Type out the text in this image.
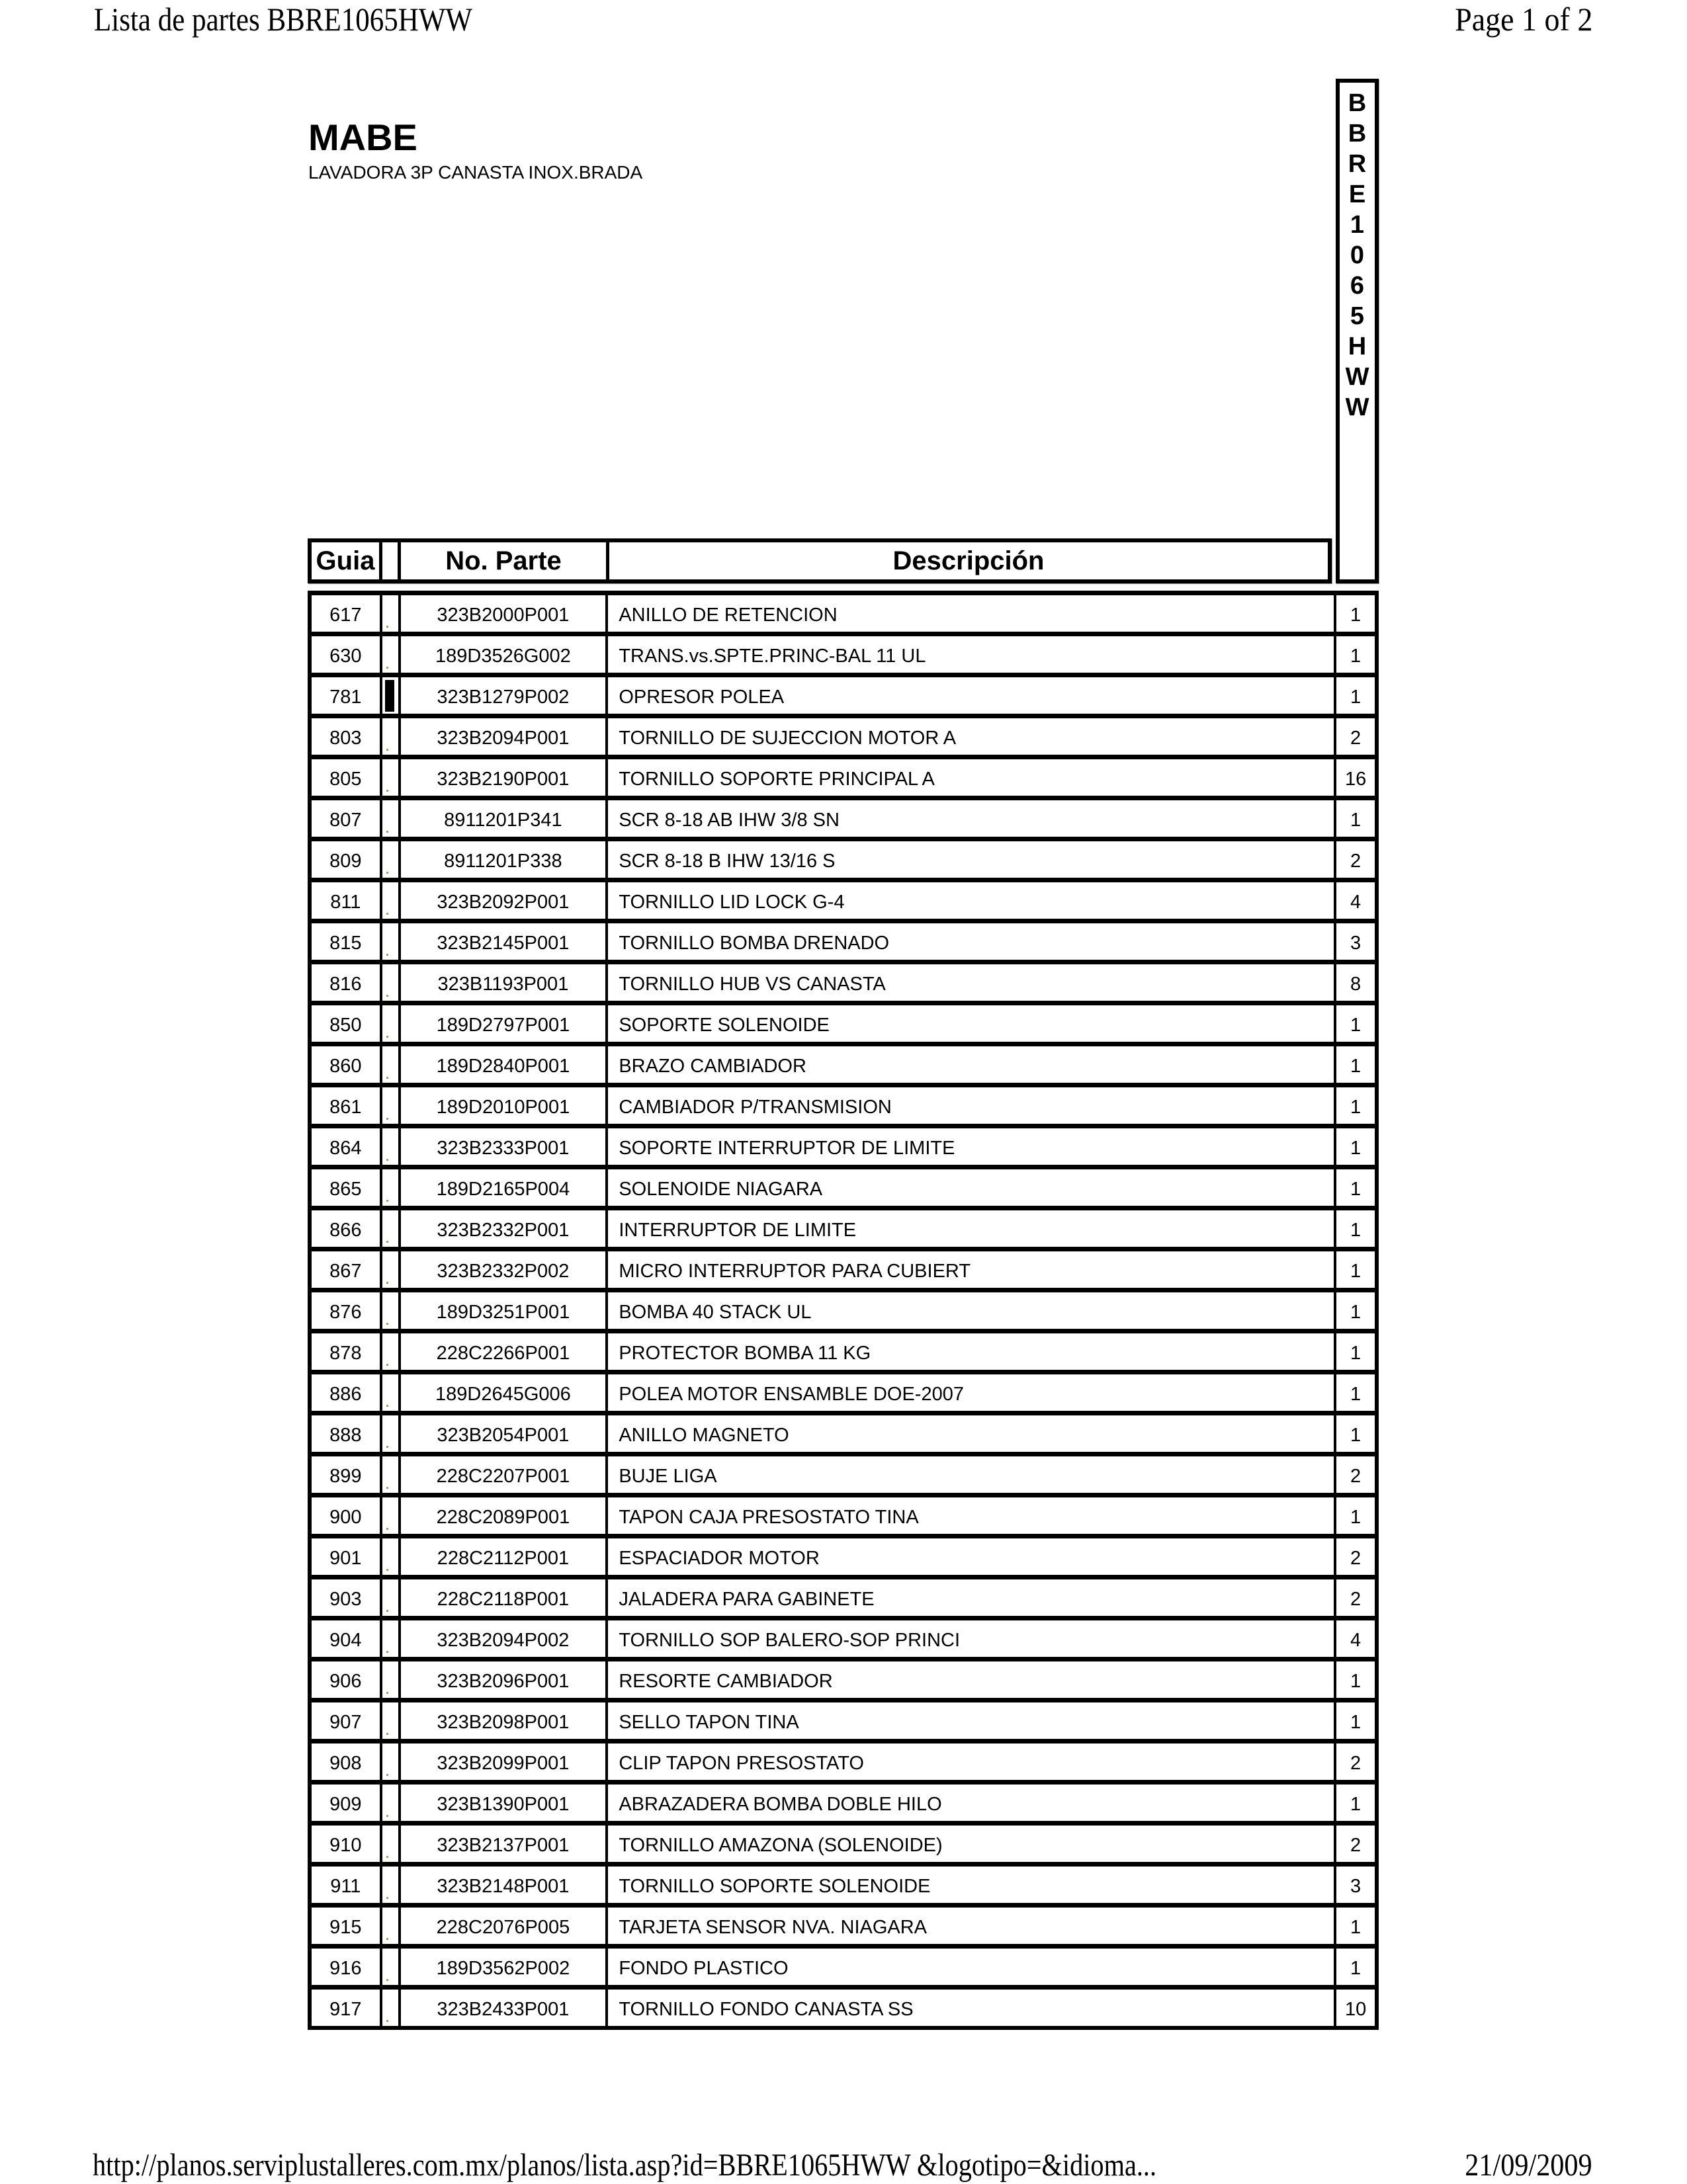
Lista de partes BBRE1065HWW	Page 1 of 2
MABE
LAVADORA 3P CANASTA INOX.BRADA
B
B
R
E
1
0
6
5
H
W
W
Guia	No. Parte	Descripción
617	323B2000P001	ANILLO DE RETENCION	1
630	189D3526G002	TRANS.vs.SPTE.PRINC-BAL 11 UL	1
781	323B1279P002	OPRESOR POLEA	1
803	323B2094P001	TORNILLO DE SUJECCION MOTOR A	2
805	323B2190P001	TORNILLO SOPORTE PRINCIPAL A	16
807	8911201P341	SCR 8-18 AB IHW 3/8 SN	1
809	8911201P338	SCR 8-18 B IHW 13/16 S	2
811	323B2092P001	TORNILLO LID LOCK G-4	4
815	323B2145P001	TORNILLO BOMBA DRENADO	3
816	323B1193P001	TORNILLO HUB VS CANASTA	8
850	189D2797P001	SOPORTE SOLENOIDE	1
860	189D2840P001	BRAZO CAMBIADOR	1
861	189D2010P001	CAMBIADOR P/TRANSMISION	1
864	323B2333P001	SOPORTE INTERRUPTOR DE LIMITE	1
865	189D2165P004	SOLENOIDE NIAGARA	1
866	323B2332P001	INTERRUPTOR DE LIMITE	1
867	323B2332P002	MICRO INTERRUPTOR PARA CUBIERT	1
876	189D3251P001	BOMBA 40 STACK UL	1
878	228C2266P001	PROTECTOR BOMBA 11 KG	1
886	189D2645G006	POLEA MOTOR ENSAMBLE DOE-2007	1
888	323B2054P001	ANILLO MAGNETO	1
899	228C2207P001	BUJE LIGA	2
900	228C2089P001	TAPON CAJA PRESOSTATO TINA	1
901	228C2112P001	ESPACIADOR MOTOR	2
903	228C2118P001	JALADERA PARA GABINETE	2
904	323B2094P002	TORNILLO SOP BALERO-SOP PRINCI	4
906	323B2096P001	RESORTE CAMBIADOR	1
907	323B2098P001	SELLO TAPON TINA	1
908	323B2099P001	CLIP TAPON PRESOSTATO	2
909	323B1390P001	ABRAZADERA BOMBA DOBLE HILO	1
910	323B2137P001	TORNILLO AMAZONA (SOLENOIDE)	2
911	323B2148P001	TORNILLO SOPORTE SOLENOIDE	3
915	228C2076P005	TARJETA SENSOR NVA. NIAGARA	1
916	189D3562P002	FONDO PLASTICO	1
917	323B2433P001	TORNILLO FONDO CANASTA SS	10
http://planos.serviplustalleres.com.mx/planos/lista.asp?id=BBRE1065HWW &logotipo=&idioma...	21/09/2009
